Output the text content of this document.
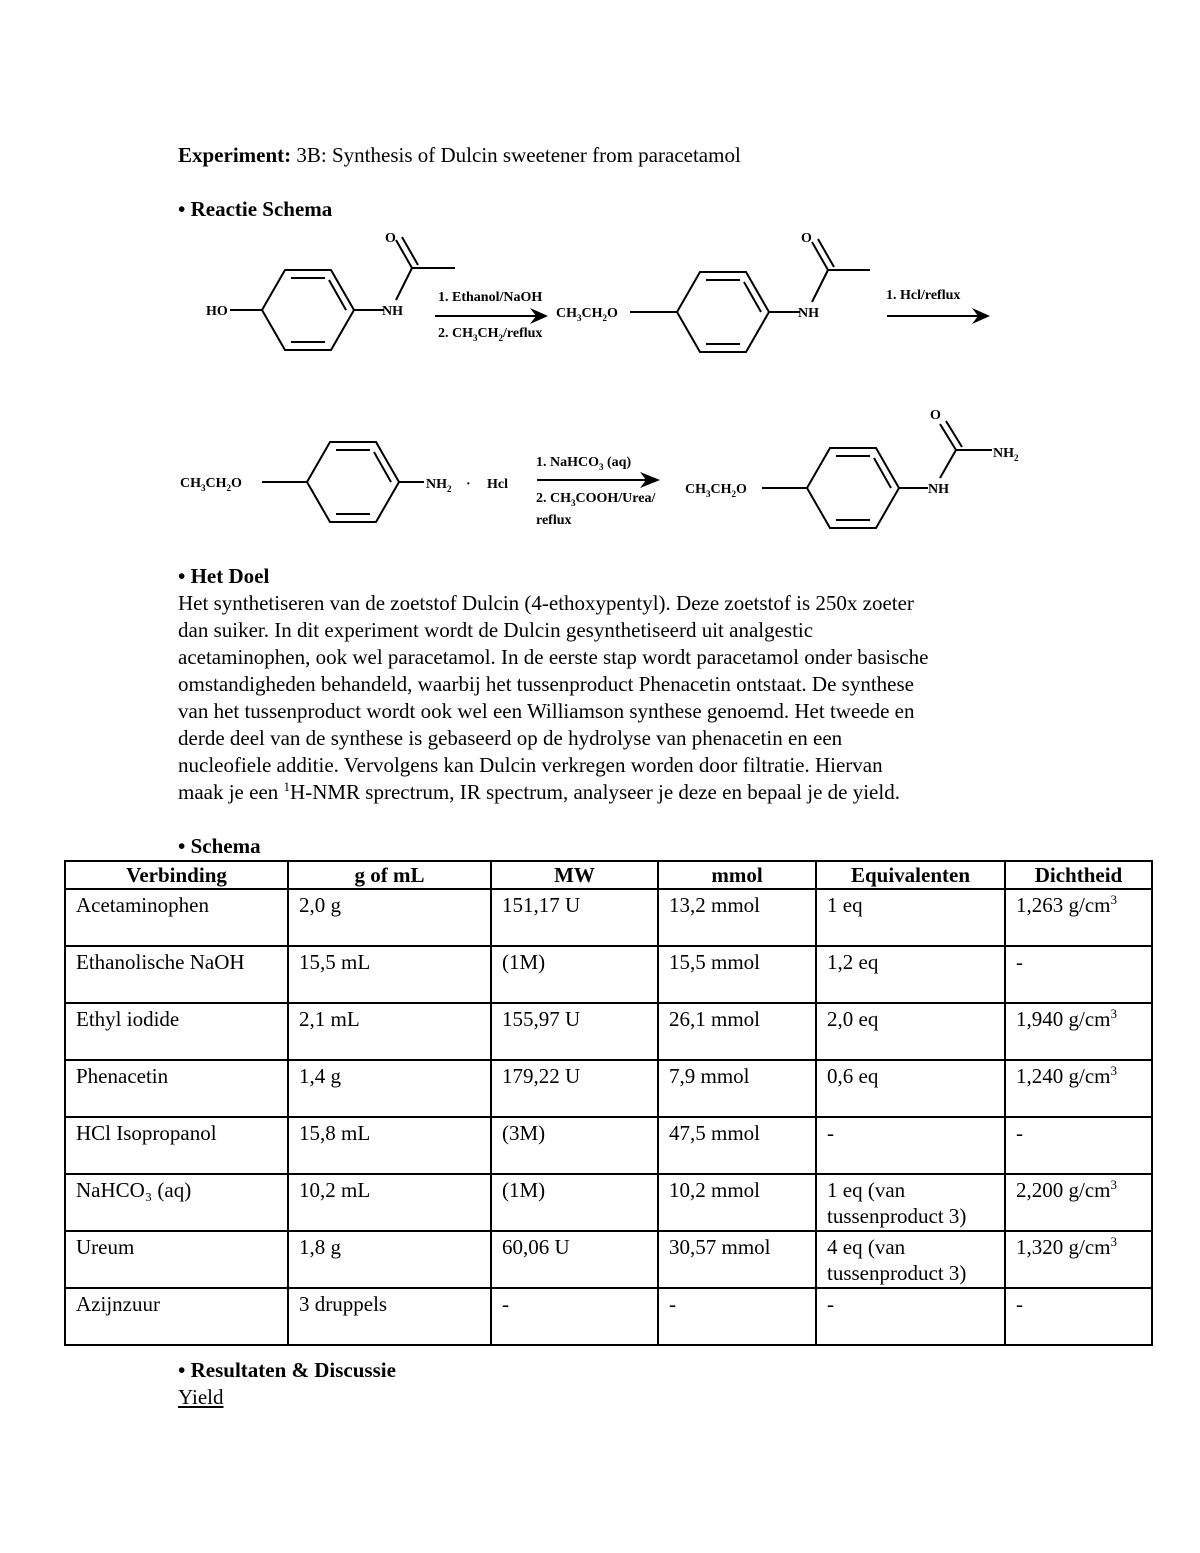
Experiment: 3B: Synthesis of Dulcin sweetener from paracetamol
• Reactie Schema
HO
O
NH
1. Ethanol/NaOH
2. $CH_3CH_2$/reflux
$CH_3CH_2O$
O
NH
1. Hcl/reflux
$CH_3CH_2O$	$NH_2$ · Hcl
1. NaHCO$_3$ (aq)
2. $CH_3COOH/Urea/$
reflux
$CH_3CH_2O$
O
NH
$NH_2$
• Het Doel
Het synthetiseren van de zoetstof Dulcin (4-ethoxypentyl). Deze zoetstof is 250x zoeter
dan suiker. In dit experiment wordt de Dulcin gesynthetiseerd uit analgestic
acetaminophen, ook wel paracetamol. In de eerste stap wordt paracetamol onder basische
omstandigheden behandeld, waarbij het tussenproduct Phenacetin ontstaat. De synthese
van het tussenproduct wordt ook wel een Williamson synthese genoemd. Het tweede en
derde deel van de synthese is gebaseerd op de hydrolyse van phenacetin en een
nucleofiele additie. Vervolgens kan Dulcin verkregen worden door filtratie. Hiervan
maak je een $^1$H-NMR sprectrum, IR spectrum, analyseer je deze en bepaal je de yield.
• Schema
Verbinding	g of mL	MW	mmol	Equivalenten	Dichtheid
Acetaminophen	2,0 g	151,17 U	13,2 mmol	1 eq	1,263 $g/cm^3$
Ethanolische NaOH	15,5 mL	(1M)	15,5 mmol	1,2 eq	-
Ethyl iodide	2,1 mL	155,97 U	26,1 mmol	2,0 eq	1,940 $g/cm^3$
Phenacetin	1,4 g	179,22 U	7,9 mmol	0,6 eq	1,240 $g/cm^3$
HCl Isopropanol	15,8 mL	(3M)	47,5 mmol	-	-
NaHCO₃ (aq)	10,2 mL	(1M)	10,2 mmol	1 eq (van tussenproduct 3)	2,200 $g/cm^3$
Ureum	1,8 g	60,06 U	30,57 mmol	4 eq (van tussenproduct 3)	1,320 $g/cm^3$
Azijnzuur	3 druppels	-	-	-	-
• Resultaten & Discussie
Yield
